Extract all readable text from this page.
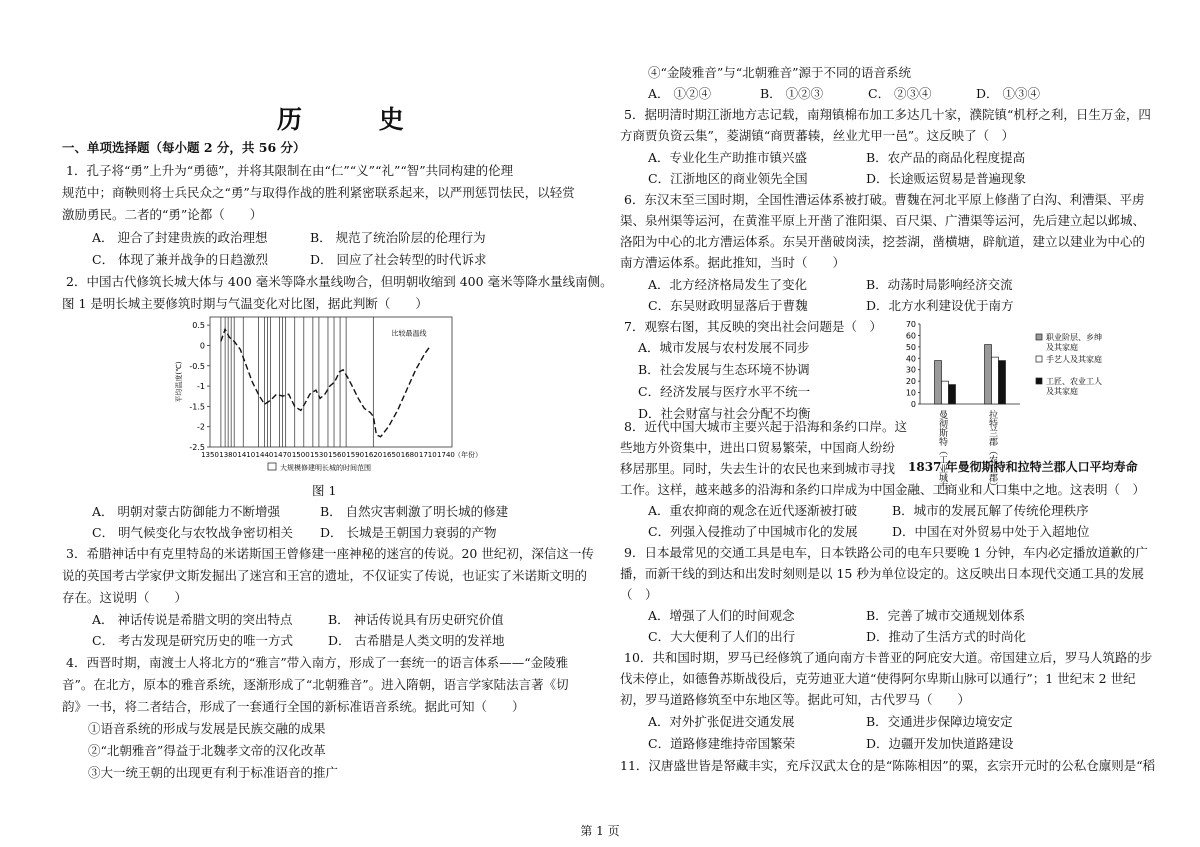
历 史
一、单项选择题（每小题 2 分，共 56 分）
1．孔子将“勇”上升为“勇德”，并将其限制在由“仁”“义”“礼”“智”共同构建的伦理
规范中；商鞅则将士兵民众之“勇”与取得作战的胜利紧密联系起来，以严刑惩罚怯民，以轻赏
激励勇民。二者的“勇”论都（　　）
A． 迎合了封建贵族的政治理想	B． 规范了统治阶层的伦理行为
C． 体现了兼并战争的日趋激烈	D． 回应了社会转型的时代诉求
2．中国古代修筑长城大体与 400 毫米等降水量线吻合，但明朝收缩到 400 毫米等降水量线南侧。
图 1 是明长城主要修筑时期与气温变化对比图，据此判断（　　）
0.5
0
-0.5
-1
-1.5
-2
-2.5
1350 1380 1410 1440 1470 1500 1530 1560 1590 1620 1650 1680 1710 1740 （年份）
平均温度(℃)
比较最温线
大规模修建明长城的时间范围
图 1
A． 明朝对蒙古防御能力不断增强	B． 自然灾害刺激了明长城的修建
C． 明气候变化与农牧战争密切相关 D． 长城是王朝国力衰弱的产物
3．希腊神话中有克里特岛的米诺斯国王曾修建一座神秘的迷宫的传说。20 世纪初，深信这一传
说的英国考古学家伊文斯发掘出了迷宫和王宫的遗址，不仅证实了传说，也证实了米诺斯文明的
存在。这说明（　　）
A． 神话传说是希腊文明的突出特点	B． 神话传说具有历史研究价值
C． 考古发现是研究历史的唯一方式	D． 古希腊是人类文明的发祥地
4．西晋时期，南渡士人将北方的“雅言”带入南方，形成了一套统一的语言体系——“金陵雅
音”。在北方，原本的雅音系统，逐渐形成了“北朝雅音”。进入隋朝，语言学家陆法言著《切
韵》一书，将二者结合，形成了一套通行全国的新标准语音系统。据此可知（　　）
①语音系统的形成与发展是民族交融的成果
②“北朝雅音”得益于北魏孝文帝的汉化改革
③大一统王朝的出现更有利于标准语音的推广
④“金陵雅音”与“北朝雅音”源于不同的语音系统
A． ①②④	B． ①②③	C． ②③④	D． ①③④
5．据明清时期江浙地方志记载，南翔镇棉布加工多达几十家，濮院镇“机杼之利，日生万金，四
方商贾负资云集”，菱湖镇“商贾蕃辏，丝业尤甲一邑”。这反映了（　）
A．专业化生产助推市镇兴盛	B．农产品的商品化程度提高
C．江浙地区的商业领先全国	D．长途贩运贸易是普遍现象
6．东汉末至三国时期，全国性漕运体系被打破。曹魏在河北平原上修凿了白沟、利漕渠、平虏
渠、泉州渠等运河，在黄淮平原上开凿了淮阳渠、百尺渠、广漕渠等运河，先后建立起以邺城、
洛阳为中心的北方漕运体系。东吴开凿破岗渎，挖荟湖，凿横塘，辟航道，建立以建业为中心的
南方漕运体系。据此推知，当时（　　）
A．北方经济格局发生了变化	B．动荡时局影响经济交流
C．东吴财政明显落后于曹魏	D．北方水利建设优于南方
7．观察右图，其反映的突出社会问题是（　）
A．城市发展与农村发展不同步
B．社会发展与生态环境不协调
C．经济发展与医疗水平不统一
D．社会财富与社会分配不均衡
0
10
20
30
40
50
60
70
曼彻斯特（工业城市）	拉特兰郡（农业郡）
职业阶层、乡绅
及其家庭
手艺人及其家庭
工匠、农业工人
及其家庭
1837 年曼彻斯特和拉特兰郡人口平均寿命
8．近代中国大城市主要兴起于沿海和条约口岸。这
些地方外资集中，进出口贸易繁荣，中国商人纷纷
移居那里。同时，失去生计的农民也来到城市寻找
工作。这样，越来越多的沿海和条约口岸成为中国金融、工商业和人口集中之地。这表明（　）
A．重农抑商的观念在近代逐渐被打破	B．城市的发展瓦解了传统伦理秩序
C．列强入侵推动了中国城市化的发展	D．中国在对外贸易中处于入超地位
9．日本最常见的交通工具是电车，日本铁路公司的电车只要晚 1 分钟，车内必定播放道歉的广
播，而新干线的到达和出发时刻则是以 15 秒为单位设定的。这反映出日本现代交通工具的发展
（　）
A．增强了人们的时间观念	B．完善了城市交通规划体系
C．大大便利了人们的出行	D．推动了生活方式的时尚化
10．共和国时期，罗马已经修筑了通向南方卡普亚的阿庇安大道。帝国建立后，罗马人筑路的步
伐未停止，如德鲁苏斯战役后，克劳迪亚大道“使得阿尔卑斯山脉可以通行”；1 世纪末 2 世纪
初，罗马道路修筑至中东地区等。据此可知，古代罗马（　　）
A．对外扩张促进交通发展	B．交通进步保障边境安定
C．道路修建维持帝国繁荣	D．边疆开发加快道路建设
11．汉唐盛世皆是帑藏丰实，充斥汉武太仓的是“陈陈相因”的粟，玄宗开元时的公私仓廪则是“稻
第 1 页
